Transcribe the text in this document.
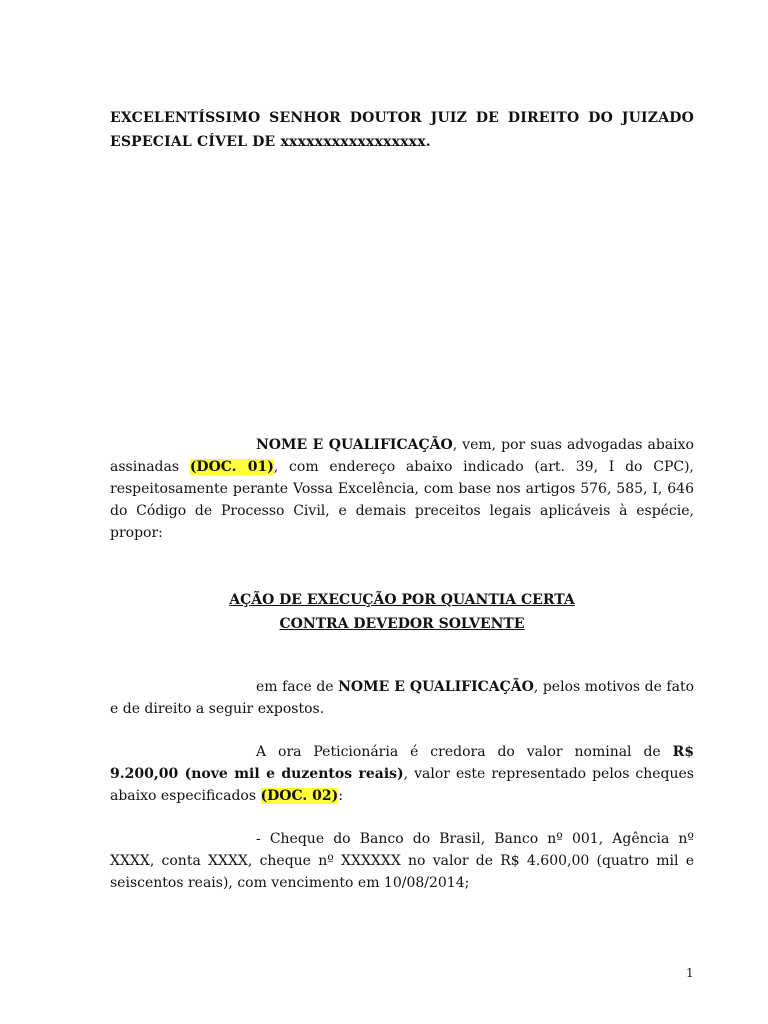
EXCELENTÍSSIMO SENHOR DOUTOR JUIZ DE DIREITO DO JUIZADO
ESPECIAL CÍVEL DE xxxxxxxxxxxxxxxxx.
NOME E QUALIFICAÇÃO, vem, por suas advogadas abaixo assinadas (DOC. 01), com endereço abaixo indicado (art. 39, I do CPC), respeitosamente perante Vossa Excelência, com base nos artigos 576, 585, I, 646 do Código de Processo Civil, e demais preceitos legais aplicáveis à espécie, propor:
AÇÃO DE EXECUÇÃO POR QUANTIA CERTA
CONTRA DEVEDOR SOLVENTE
em face de NOME E QUALIFICAÇÃO, pelos motivos de fato e de direito a seguir expostos.
A ora Peticionária é credora do valor nominal de R$ 9.200,00 (nove mil e duzentos reais), valor este representado pelos cheques abaixo especificados (DOC. 02):
- Cheque do Banco do Brasil, Banco nº 001, Agência nº XXXX, conta XXXX, cheque nº XXXXXX no valor de R$ 4.600,00 (quatro mil e seiscentos reais), com vencimento em 10/08/2014;
1
